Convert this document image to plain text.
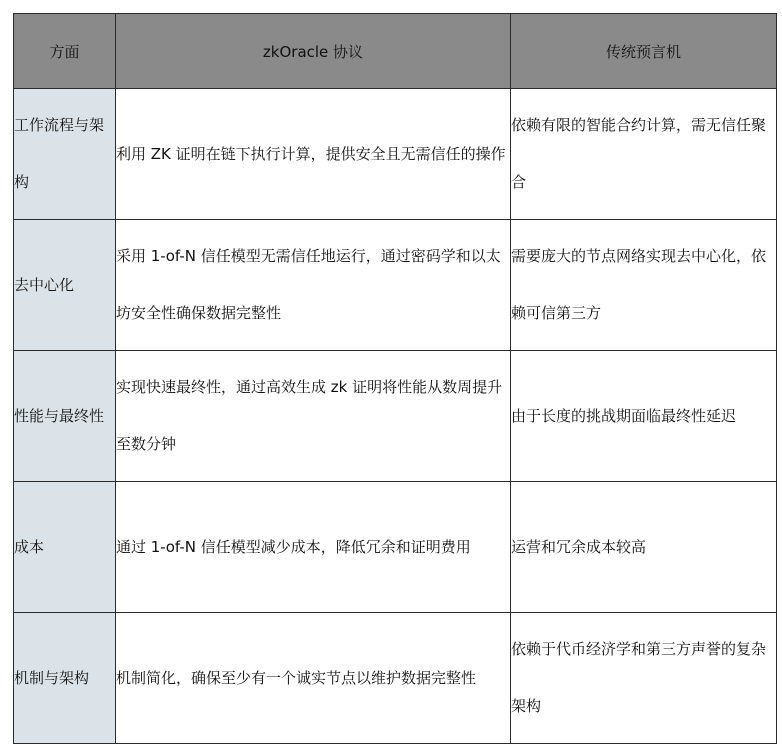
方面	zkOracle 协议	传统预言机
工作流程与架构	利用 ZK 证明在链下执行计算，提供安全且无需信任的操作	依赖有限的智能合约计算，需无信任聚合
去中心化	采用 1-of-N 信任模型无需信任地运行，通过密码学和以太坊安全性确保数据完整性	需要庞大的节点网络实现去中心化，依赖可信第三方
性能与最终性	实现快速最终性，通过高效生成 zk 证明将性能从数周提升至数分钟	由于长度的挑战期面临最终性延迟
成本	通过 1-of-N 信任模型减少成本，降低冗余和证明费用	运营和冗余成本较高
机制与架构	机制简化，确保至少有一个诚实节点以维护数据完整性	依赖于代币经济学和第三方声誉的复杂架构
